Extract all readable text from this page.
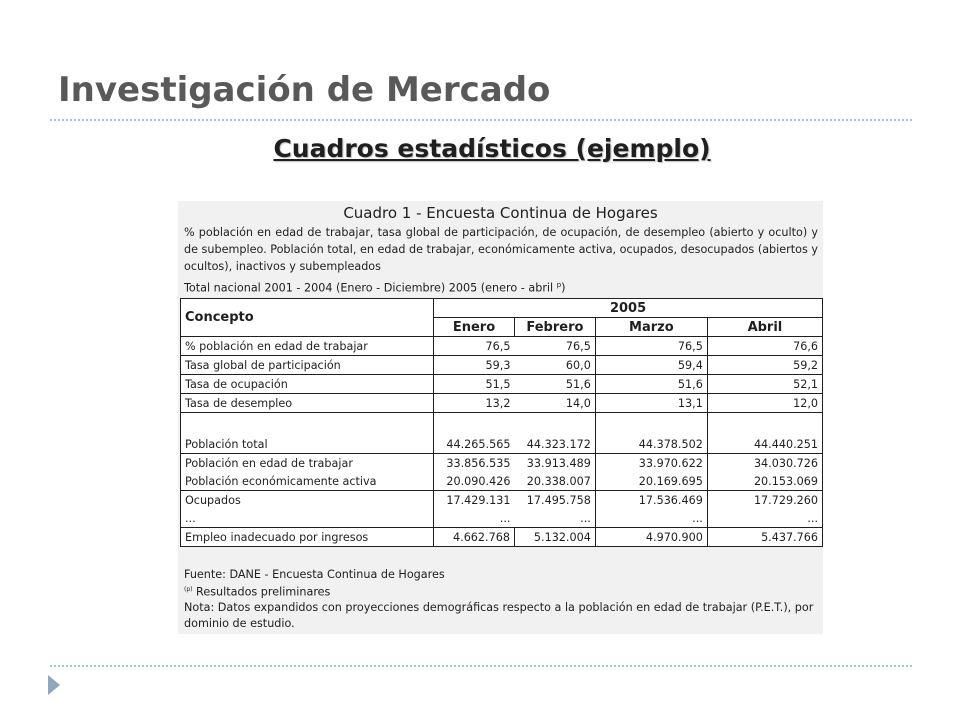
Investigación de Mercado
Cuadros estadísticos (ejemplo)
Cuadro 1 - Encuesta Continua de Hogares
% población en edad de trabajar, tasa global de participación, de ocupación, de desempleo (abierto y oculto) y de subempleo. Población total, en edad de trabajar, económicamente activa, ocupados, desocupados (abiertos y ocultos), inactivos y subempleados
Total nacional 2001 - 2004 (Enero - Diciembre) 2005 (enero - abril $^p$)
Concepto	2005			
	Enero	Febrero	Marzo	Abril
% población en edad de trabajar	76,5	76,5	76,5	76,6
Tasa global de participación	59,3	60,0	59,4	59,2
Tasa de ocupación	51,5	51,6	51,6	52,1
Tasa de desempleo	13,2	14,0	13,1	12,0

Población total	44.265.565	44.323.172	44.378.502	44.440.251
Población en edad de trabajar	33.856.535	33.913.489	33.970.622	34.030.726
Población económicamente activa	20.090.426	20.338.007	20.169.695	20.153.069
Ocupados	17.429.131	17.495.758	17.536.469	17.729.260
...	...	...	...	...
Empleo inadecuado por ingresos	4.662.768	5.132.004	4.970.900	5.437.766
Fuente: DANE - Encuesta Continua de Hogares
$^{(p)}$ Resultados preliminares
Nota: Datos expandidos con proyecciones demográficas respecto a la población en edad de trabajar (P.E.T.), por dominio de estudio.
